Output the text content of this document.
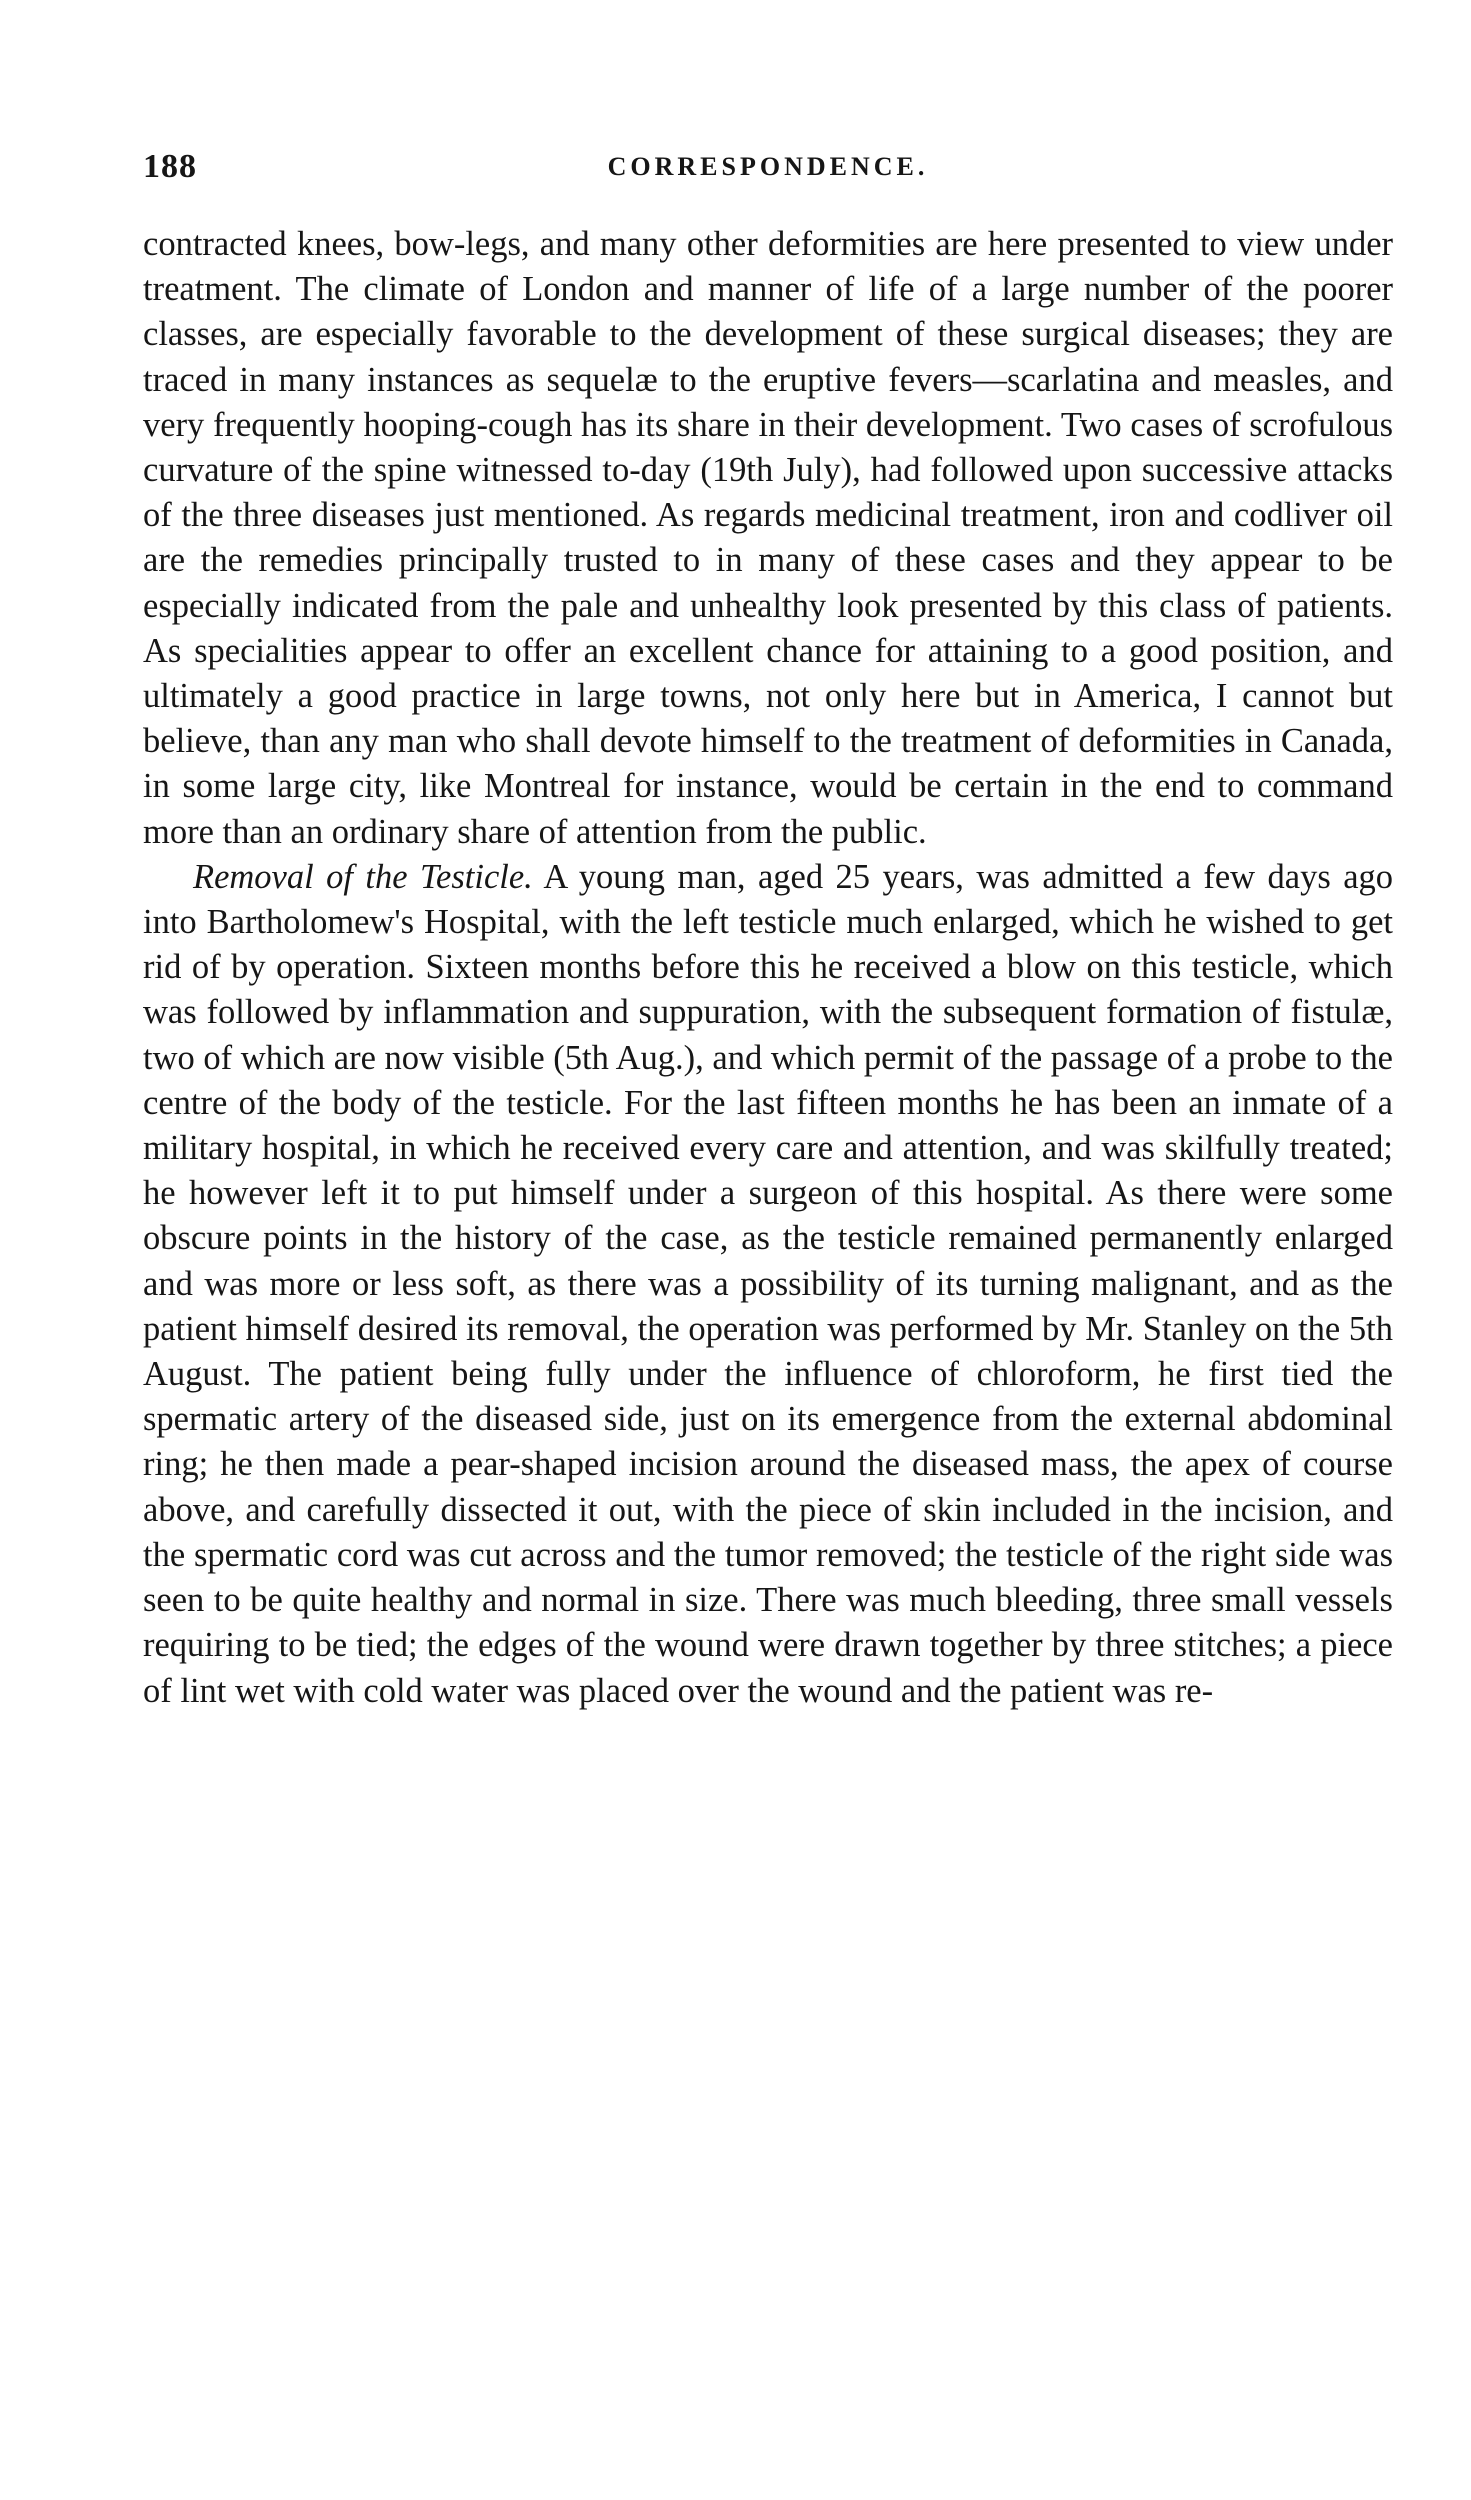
188	CORRESPONDENCE.

contracted knees, bow-legs, and many other deformities are here presented to view under treatment. The climate of London and manner of life of a large number of the poorer classes, are especially favorable to the development of these surgical diseases; they are traced in many instances as sequelæ to the eruptive fevers—scarlatina and measles, and very frequently hooping-cough has its share in their development. Two cases of scrofulous curvature of the spine witnessed to-day (19th July), had followed upon successive attacks of the three diseases just mentioned. As regards medicinal treatment, iron and codliver oil are the remedies principally trusted to in many of these cases and they appear to be especially indicated from the pale and unhealthy look presented by this class of patients. As specialities appear to offer an excellent chance for attaining to a good position, and ultimately a good practice in large towns, not only here but in America, I cannot but believe, than any man who shall devote himself to the treatment of deformities in Canada, in some large city, like Montreal for instance, would be certain in the end to command more than an ordinary share of attention from the public.

Removal of the Testicle. A young man, aged 25 years, was admitted a few days ago into Bartholomew's Hospital, with the left testicle much enlarged, which he wished to get rid of by operation. Sixteen months before this he received a blow on this testicle, which was followed by inflammation and suppuration, with the subsequent formation of fistulæ, two of which are now visible (5th Aug.), and which permit of the passage of a probe to the centre of the body of the testicle. For the last fifteen months he has been an inmate of a military hospital, in which he received every care and attention, and was skilfully treated; he however left it to put himself under a surgeon of this hospital. As there were some obscure points in the history of the case, as the testicle remained permanently enlarged and was more or less soft, as there was a possibility of its turning malignant, and as the patient himself desired its removal, the operation was performed by Mr. Stanley on the 5th August. The patient being fully under the influence of chloroform, he first tied the spermatic artery of the diseased side, just on its emergence from the external abdominal ring; he then made a pear-shaped incision around the diseased mass, the apex of course above, and carefully dissected it out, with the piece of skin included in the incision, and the spermatic cord was cut across and the tumor removed; the testicle of the right side was seen to be quite healthy and normal in size. There was much bleeding, three small vessels requiring to be tied; the edges of the wound were drawn together by three stitches; a piece of lint wet with cold water was placed over the wound and the patient was re-
